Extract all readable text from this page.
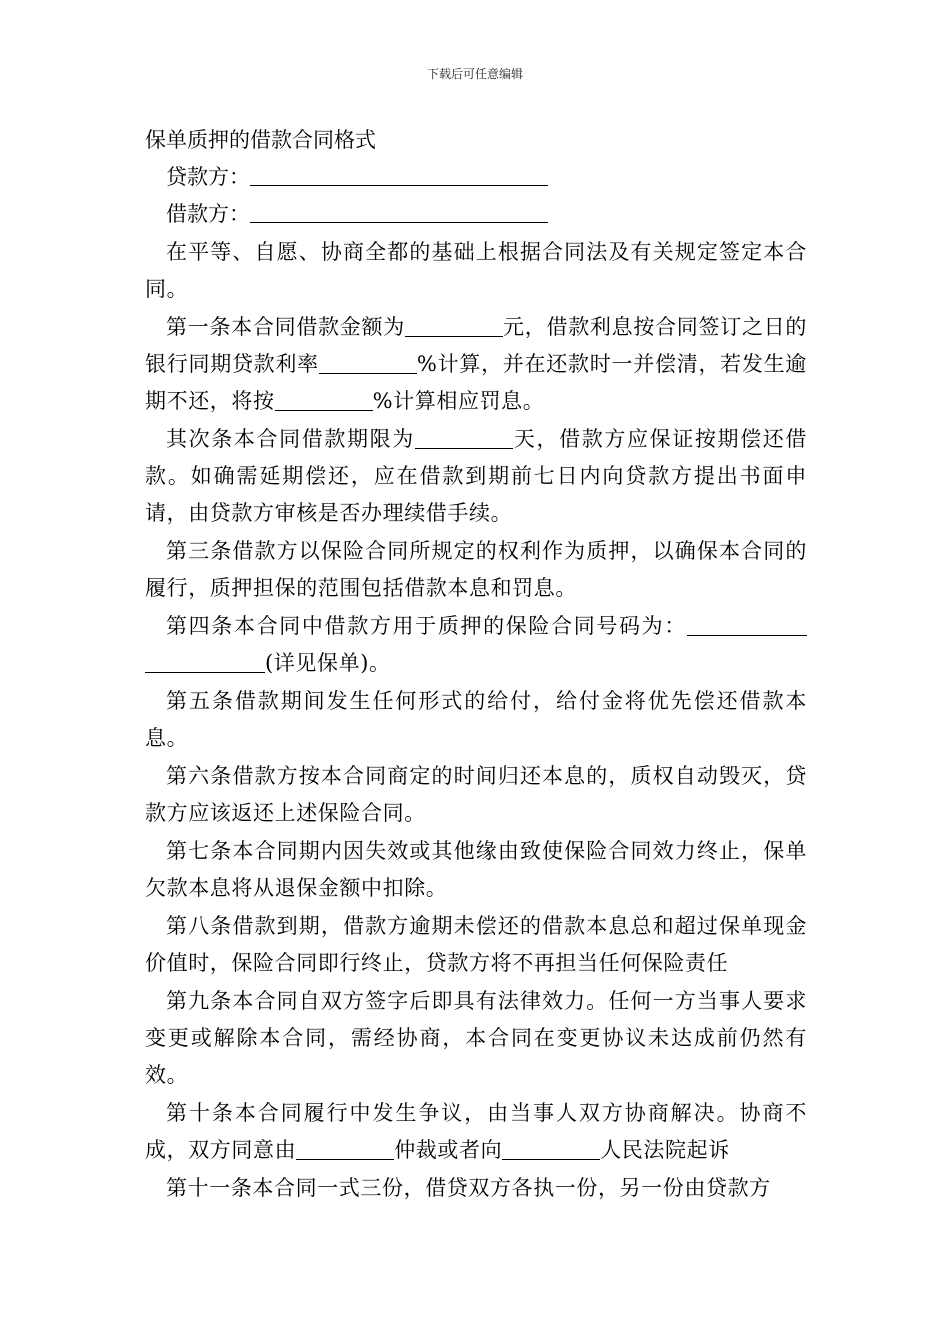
下载后可任意编辑

保单质押的借款合同格式

贷款方：

借款方：

在平等、自愿、协商全都的基础上根据合同法及有关规定签定本合同。

第一条本合同借款金额为	元，借款利息按合同签订之日的银行同期贷款利率	%计算，并在还款时一并偿清，若发生逾期不还，将按	%计算相应罚息。

其次条本合同借款期限为	天，借款方应保证按期偿还借款。如确需延期偿还，应在借款到期前七日内向贷款方提出书面申请，由贷款方审核是否办理续借手续。

第三条借款方以保险合同所规定的权利作为质押，以确保本合同的履行，质押担保的范围包括借款本息和罚息。

第四条本合同中借款方用于质押的保险合同号码为：(详见保单)。

第五条借款期间发生任何形式的给付，给付金将优先偿还借款本息。

第六条借款方按本合同商定的时间归还本息的，质权自动毁灭，贷款方应该返还上述保险合同。

第七条本合同期内因失效或其他缘由致使保险合同效力终止，保单欠款本息将从退保金额中扣除。

第八条借款到期，借款方逾期未偿还的借款本息总和超过保单现金价值时，保险合同即行终止，贷款方将不再担当任何保险责任

第九条本合同自双方签字后即具有法律效力。任何一方当事人要求变更或解除本合同，需经协商，本合同在变更协议未达成前仍然有效。

第十条本合同履行中发生争议，由当事人双方协商解决。协商不成，双方同意由	仲裁或者向	人民法院起诉

第十一条本合同一式三份，借贷双方各执一份，另一份由贷款方
